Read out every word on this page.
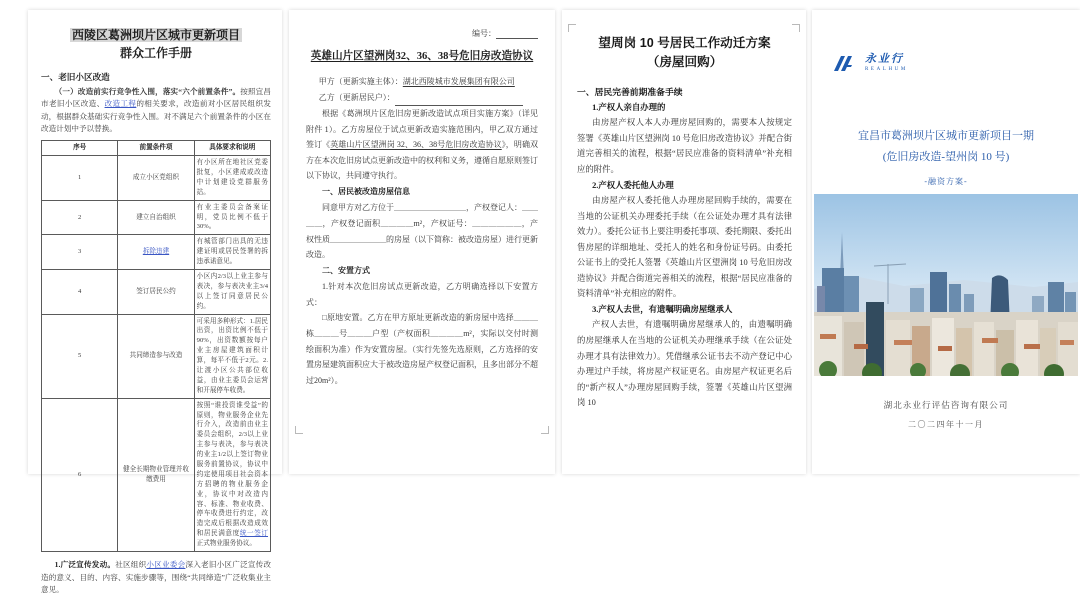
西陵区葛洲坝片区城市更新项目
群众工作手册
一、老旧小区改造
（一）改造前实行竞争性入围，落实“六个前置条件”。按照宜昌市老旧小区改造、改造工程的相关要求，改造前对小区居民组织发动，根据群众基础实行竞争性入围。对不满足六个前置条件的小区在改造计划中予以替换。
序号	前置条件项	具体要求和说明
1	成立小区党组织	有小区所在地社区党委批复，小区建成或改造中计划建设党群服务站。
2	建立自治组织	有业主委员会备案证明，党员比例不低于30%。
3	拆除违建	有城管部门出具的无违建证明或居民签署的拆违承诺意见。
4	签订居民公约	小区内2/3以上业主参与表决，参与表决业主3/4以上签订同意居民公约。
5	共同缔造参与改造	可采用多种形式：1.居民出资，出资比例不低于90%，出资数额按每户业主房屋建筑面积计算，每平不低于2元。2.让渡小区公共部位收益，由业主委员会运营和开展停车收费。
6	健全长期物业管理并收缴费用	按照“谁投资谁受益”的原则，物业服务企业先行介入，改造前由业主委员会组织，2/3以上业主参与表决，参与表决的业主1/2以上签订物业服务前置协议，协议中约定使用项目社会资本方招聘的物业服务企业，协议中对改造内容、标准、物业收费、停车收费进行约定，改造完成后根据改造成效和居民满意度统一签订正式物业服务协议。
1.广泛宣传发动。社区组织小区业委会深入老旧小区广泛宣传改造的意义、目的、内容、实施步骤等，围绕“共同缔造”广泛收集业主意见。
编号：
英雄山片区望洲岗32、36、38号危旧房改造协议
甲方（更新实施主体）：湖北西陵城市发展集团有限公司
乙方（更新居民户）：
根据《葛洲坝片区危旧房更新改造试点项目实施方案》（详见附件 1）。乙方房屋位于试点更新改造实施范围内，甲乙双方通过签订《英雄山片区望洲岗 32、36、38号危旧房改造协议》，明确双方在本次危旧房试点更新改造中的权利和义务，遵循自愿原则签订以下协议，共同遵守执行。
一、居民被改造房屋信息
同意甲方对乙方位于＿＿＿＿＿＿＿＿＿，产权登记人：＿＿＿＿，产权登记面积＿＿＿＿m²，产权证号：＿＿＿＿＿＿，产权性质＿＿＿＿＿＿＿的房屋（以下简称：被改造房屋）进行更新改造。
二、安置方式
1.针对本次危旧房试点更新改造，乙方明确选择以下安置方式：
□原地安置。乙方在甲方原址更新改造的新房屋中选择＿＿＿栋＿＿＿号＿＿＿户型（产权面积＿＿＿＿m²，实际以交付时测绘面积为准）作为安置房屋。（实行先签先选原则，乙方选择的安置房屋建筑面积应大于被改造房屋产权登记面积，且多出部分不超过20m²）。
望周岗 10 号居民工作动迁方案
（房屋回购）
一、居民完善前期准备手续
1.产权人亲自办理的
由房屋产权人本人办理房屋回购的，需要本人按规定签署《英雄山片区望洲岗 10 号危旧房改造协议》并配合街道完善相关的流程，根据“居民应准备的资料清单”补充相应的附件。
2.产权人委托他人办理
由房屋产权人委托他人办理房屋回购手续的，需要在当地的公证机关办理委托手续（在公证处办理才具有法律效力）。委托公证书上要注明委托事项、委托期限、委托出售房屋的详细地址、受托人的姓名和身份证号码。由委托公证书上的受托人签署《英雄山片区望洲岗 10 号危旧房改造协议》并配合街道完善相关的流程，根据“居民应准备的资料清单”补充相应的附件。
3.产权人去世，有遗嘱明确房屋继承人
产权人去世，有遗嘱明确房屋继承人的，由遗嘱明确的房屋继承人在当地的公证机关办理继承手续（在公证处办理才具有法律效力）。凭借继承公证书去不动产登记中心办理过户手续，将房屋产权证更名。由房屋产权证更名后的“新产权人”办理房屋回购手续，签署《英雄山片区望洲岗 10
永业行
REALHUM
宜昌市葛洲坝片区城市更新项目一期
(危旧房改造-望州岗 10 号)
-融资方案-
湖北永业行评估咨询有限公司
二〇二四年十一月
